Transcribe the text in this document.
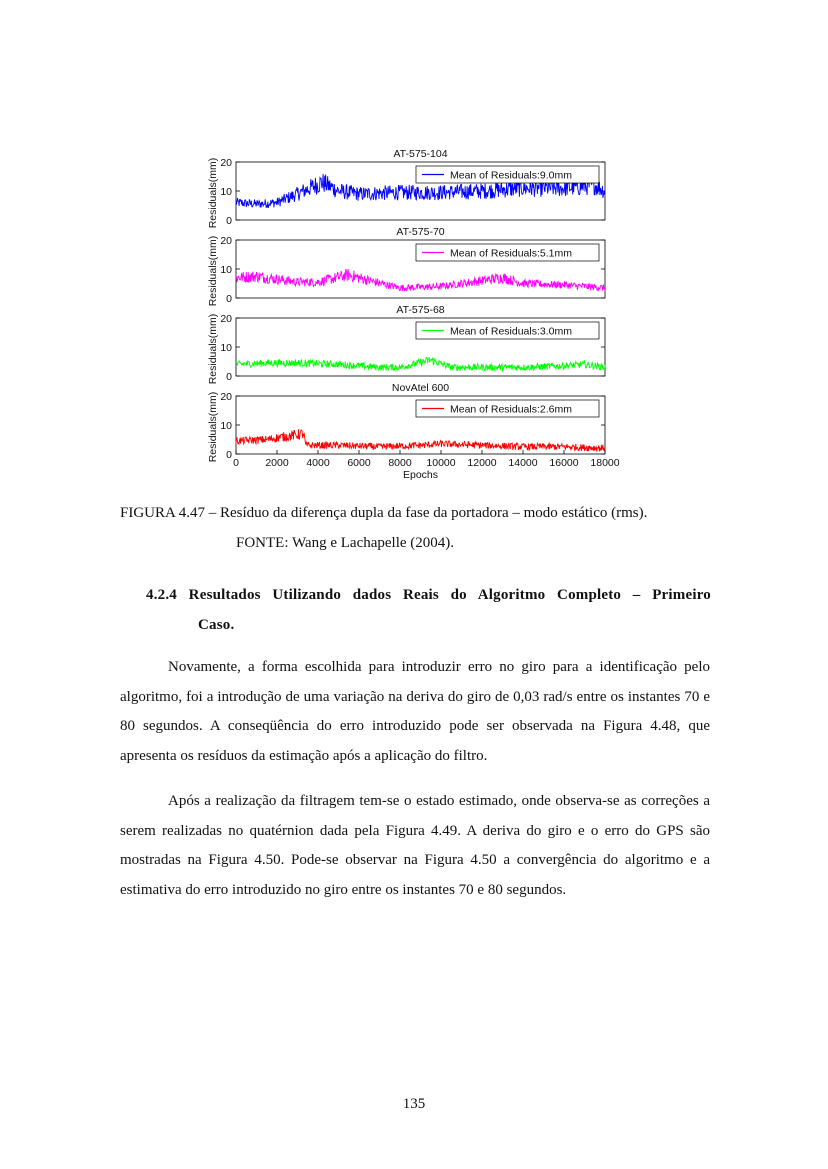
AT-575-104
0
10
20
Residuals(mm)	Mean of Residuals:9.0mm
AT-575-70
0
10
20
Residuals(mm)	Mean of Residuals:5.1mm
AT-575-68
0
10
20
Residuals(mm)	Mean of Residuals:3.0mm
NovAtel 600
0
10
20
Residuals(mm)	Mean of Residuals:2.6mm
0	2000 4000 6000 8000 10000 12000 14000 16000 18000
Epochs
FIGURA 4.47 – Resíduo da diferença dupla da fase da portadora – modo estático (rms).
FONTE: Wang e Lachapelle (2004).
4.2.4 Resultados Utilizando dados Reais do Algoritmo Completo – Primeiro
Caso.
Novamente, a forma escolhida para introduzir erro no giro para a identificação pelo algoritmo, foi a introdução de uma variação na deriva do giro de 0,03 rad/s entre os instantes 70 e 80 segundos. A conseqüência do erro introduzido pode ser observada na Figura 4.48, que apresenta os resíduos da estimação após a aplicação do filtro.
Após a realização da filtragem tem-se o estado estimado, onde observa-se as correções a serem realizadas no quatérnion dada pela Figura 4.49. A deriva do giro e o erro do GPS são mostradas na Figura 4.50. Pode-se observar na Figura 4.50 a convergência do algoritmo e a estimativa do erro introduzido no giro entre os instantes 70 e 80 segundos.
135
